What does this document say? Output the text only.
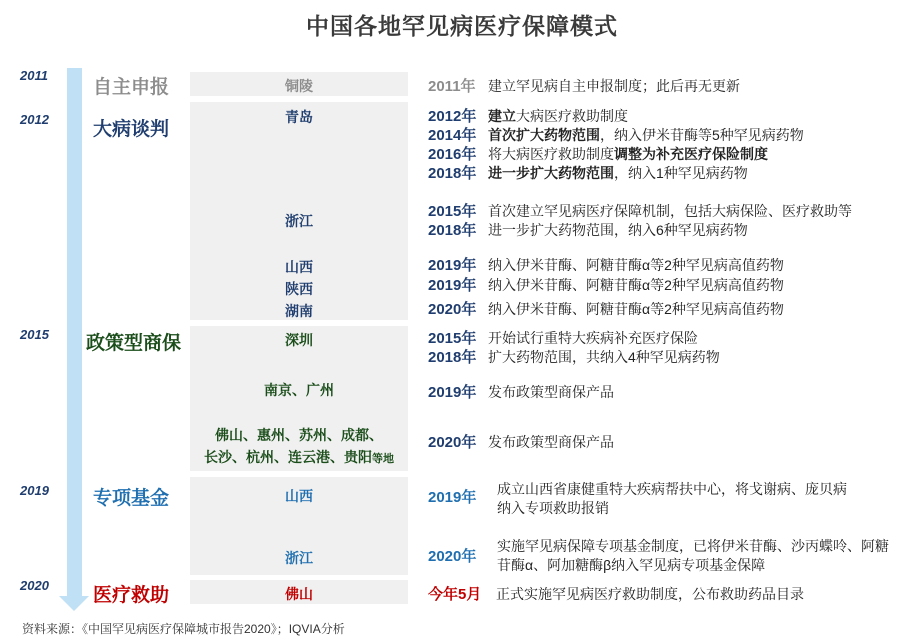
中国各地罕见病医疗保障模式
2011
2012
2015
2019
2020
自主申报
大病谈判
政策型商保
专项基金
医疗救助
铜陵
青岛
浙江
山西
陕西
湖南
深圳
南京、广州
佛山、惠州、苏州、成都、
长沙、杭州、连云港、贵阳等地
山西
浙江
佛山
2011年 建立罕见病自主申报制度；此后再无更新
2012年 建立大病医疗救助制度
2014年 首次扩大药物范围，纳入伊米苷酶等5种罕见病药物
2016年 将大病医疗救助制度调整为补充医疗保险制度
2018年 进一步扩大药物范围，纳入1种罕见病药物
2015年 首次建立罕见病医疗保障机制，包括大病保险、医疗救助等
2018年 进一步扩大药物范围，纳入6种罕见病药物
2019年 纳入伊米苷酶、阿糖苷酶α等2种罕见病高值药物
2019年 纳入伊米苷酶、阿糖苷酶α等2种罕见病高值药物
2020年 纳入伊米苷酶、阿糖苷酶α等2种罕见病高值药物
2015年 开始试行重特大疾病补充医疗保险
2018年 扩大药物范围，共纳入4种罕见病药物
2019年 发布政策型商保产品
2020年 发布政策型商保产品
2019年	成立山西省康健重特大疾病帮扶中心，将戈谢病、庞贝病纳入专项救助报销
2020年
实施罕见病保障专项基金制度，已将伊米苷酶、沙丙蝶呤、阿糖苷酶α、阿加糖酶β纳入罕见病专项基金保障
今年5月 正式实施罕见病医疗救助制度，公布救助药品目录
资料来源：《中国罕见病医疗保障城市报告2020》；IQVIA分析
